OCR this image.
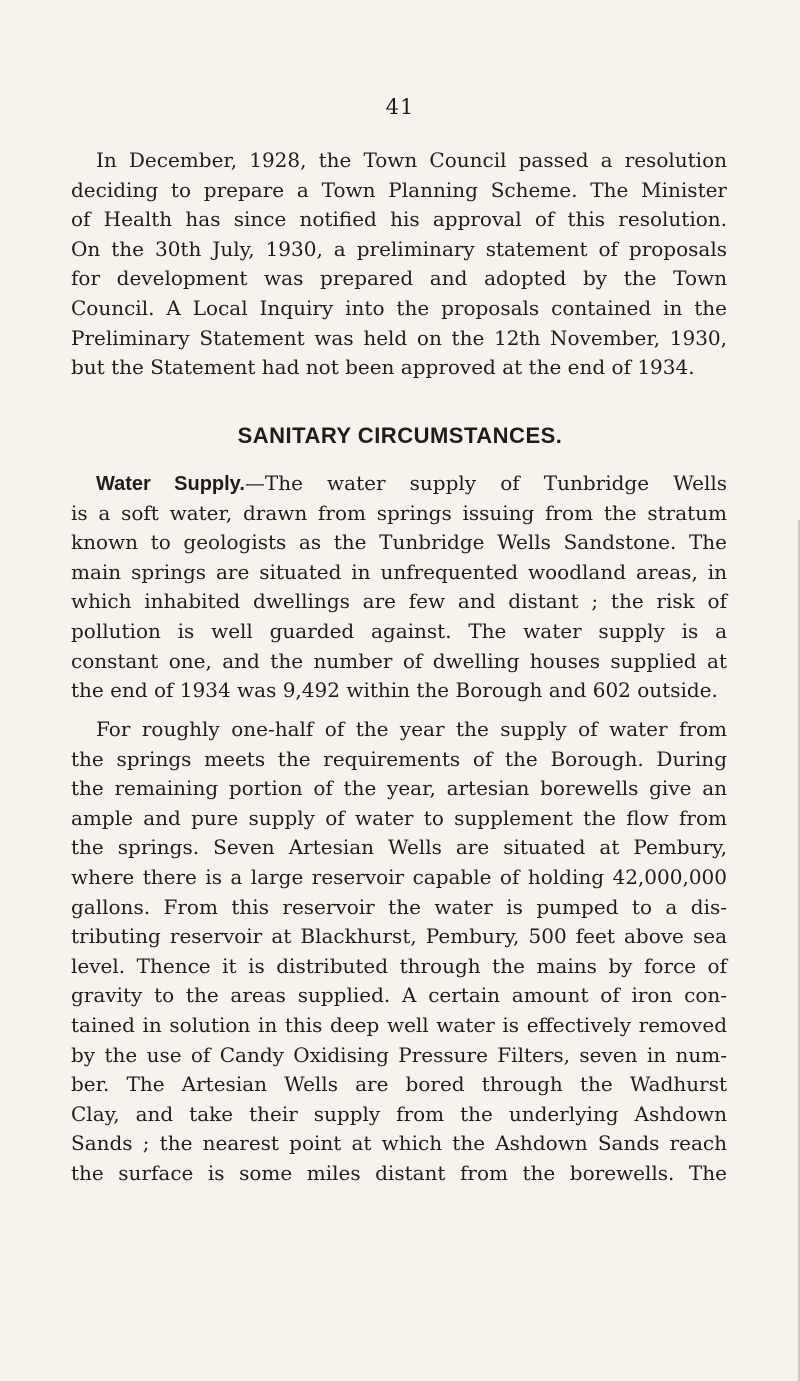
41
In December, 1928, the Town Council passed a resolution
deciding to prepare a Town Planning Scheme. The Minister
of Health has since notified his approval of this resolution.
On the 30th July, 1930, a preliminary statement of proposals
for development was prepared and adopted by the Town
Council. A Local Inquiry into the proposals contained in the
Preliminary Statement was held on the 12th November, 1930,
but the Statement had not been approved at the end of 1934.
SANITARY CIRCUMSTANCES.
Water Supply.—The water supply of Tunbridge Wells
is a soft water, drawn from springs issuing from the stratum
known to geologists as the Tunbridge Wells Sandstone. The
main springs are situated in unfrequented woodland areas, in
which inhabited dwellings are few and distant ; the risk of
pollution is well guarded against. The water supply is a
constant one, and the number of dwelling houses supplied at
the end of 1934 was 9,492 within the Borough and 602 outside.
For roughly one-half of the year the supply of water from
the springs meets the requirements of the Borough. During
the remaining portion of the year, artesian borewells give an
ample and pure supply of water to supplement the flow from
the springs. Seven Artesian Wells are situated at Pembury,
where there is a large reservoir capable of holding 42,000,000
gallons. From this reservoir the water is pumped to a dis-
tributing reservoir at Blackhurst, Pembury, 500 feet above sea
level. Thence it is distributed through the mains by force of
gravity to the areas supplied. A certain amount of iron con-
tained in solution in this deep well water is effectively removed
by the use of Candy Oxidising Pressure Filters, seven in num-
ber. The Artesian Wells are bored through the Wadhurst
Clay, and take their supply from the underlying Ashdown
Sands ; the nearest point at which the Ashdown Sands reach
the surface is some miles distant from the borewells. The
